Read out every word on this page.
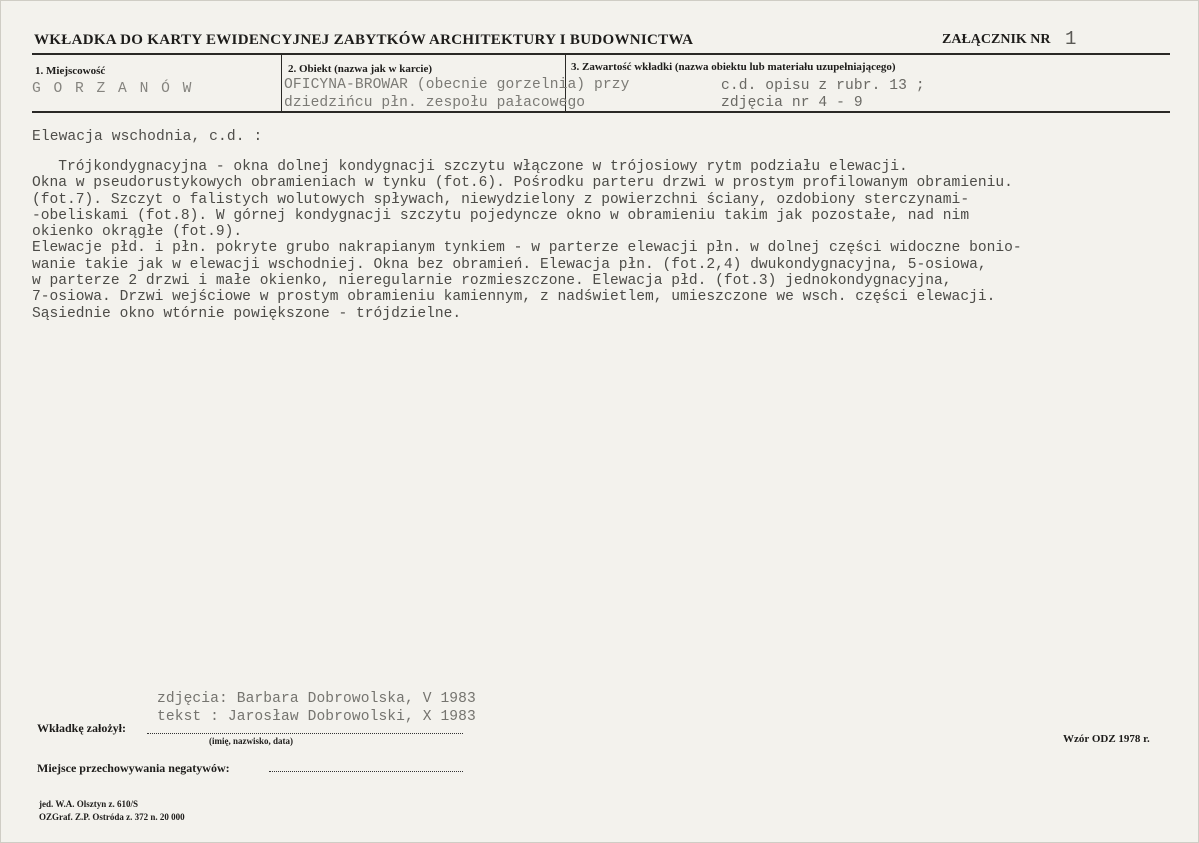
WKŁADKA DO KARTY EWIDENCYJNEJ ZABYTKÓW ARCHITEKTURY I BUDOWNICTWA	ZAŁĄCZNIK NR 1
1. Miejscowość
G O R Z A N Ó W
2. Obiekt (nazwa jak w karcie)
OFICYNA-BROWAR (obecnie gorzelnia) przy
dziedzińcu płn. zespołu pałacowego
3. Zawartość wkładki (nazwa obiektu lub materiału uzupełniającego)
c.d. opisu z rubr. 13 ;
zdjęcia nr 4 - 9
Elewacja wschodnia, c.d. :
Trójkondygnacyjna - okna dolnej kondygnacji szczytu włączone w trójosiowy rytm podziału elewacji.
Okna w pseudorustykowych obramieniach w tynku (fot.6). Pośrodku parteru drzwi w prostym profilowanym obramieniu.
(fot.7). Szczyt o falistych wolutowych spływach, niewydzielony z powierzchni ściany, ozdobiony sterczynami-
-obeliskami (fot.8). W górnej kondygnacji szczytu pojedyncze okno w obramieniu takim jak pozostałe, nad nim
okienko okrągłe (fot.9).
Elewacje płd. i płn. pokryte grubo nakrapianym tynkiem - w parterze elewacji płn. w dolnej części widoczne bonio-
wanie takie jak w elewacji wschodniej. Okna bez obramień. Elewacja płn. (fot.2,4) dwukondygnacyjna, 5-osiowa,
w parterze 2 drzwi i małe okienko, nieregularnie rozmieszczone. Elewacja płd. (fot.3) jednokondygnacyjna,
7-osiowa. Drzwi wejściowe w prostym obramieniu kamiennym, z nadświetlem, umieszczone we wsch. części elewacji.
Sąsiednie okno wtórnie powiększone - trójdzielne.
zdjęcia: Barbara Dobrowolska, V 1983
tekst : Jarosław Dobrowolski, X 1983
Wkładkę założył:
(imię, nazwisko, data)	Wzór ODZ 1978 r.
Miejsce przechowywania negatywów:
jed. W.A. Olsztyn z. 610/S
OZGraf. Z.P. Ostróda z. 372 n. 20 000
